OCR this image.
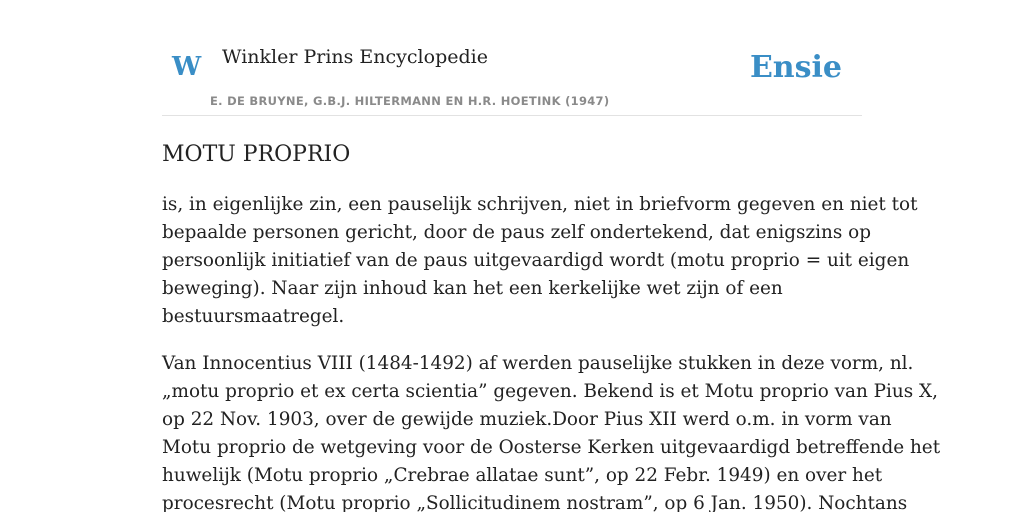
W Winkler Prins Encyclopedie
E. DE BRUYNE, G.B.J. HILTERMANN EN H.R. HOETINK (1947)
Ensie
MOTU PROPRIO

is, in eigenlijke zin, een pauselijk schrijven, niet in briefvorm gegeven en niet tot
bepaalde personen gericht, door de paus zelf ondertekend, dat enigszins op
persoonlijk initiatief van de paus uitgevaardigd wordt (motu proprio = uit eigen
beweging). Naar zijn inhoud kan het een kerkelijke wet zijn of een
bestuursmaatregel.

Van Innocentius VIII (1484-1492) af werden pauselijke stukken in deze vorm, nl.
„motu proprio et ex certa scientia” gegeven. Bekend is et Motu proprio van Pius X,
op 22 Nov. 1903, over de gewijde muziek.Door Pius XII werd o.m. in vorm van
Motu proprio de wetgeving voor de Oosterse Kerken uitgevaardigd betreffende het
huwelijk (Motu proprio „Crebrae allatae sunt”, op 22 Febr. 1949) en over het
procesrecht (Motu proprio „Sollicitudinem nostram”, op 6 Jan. 1950). Nochtans
